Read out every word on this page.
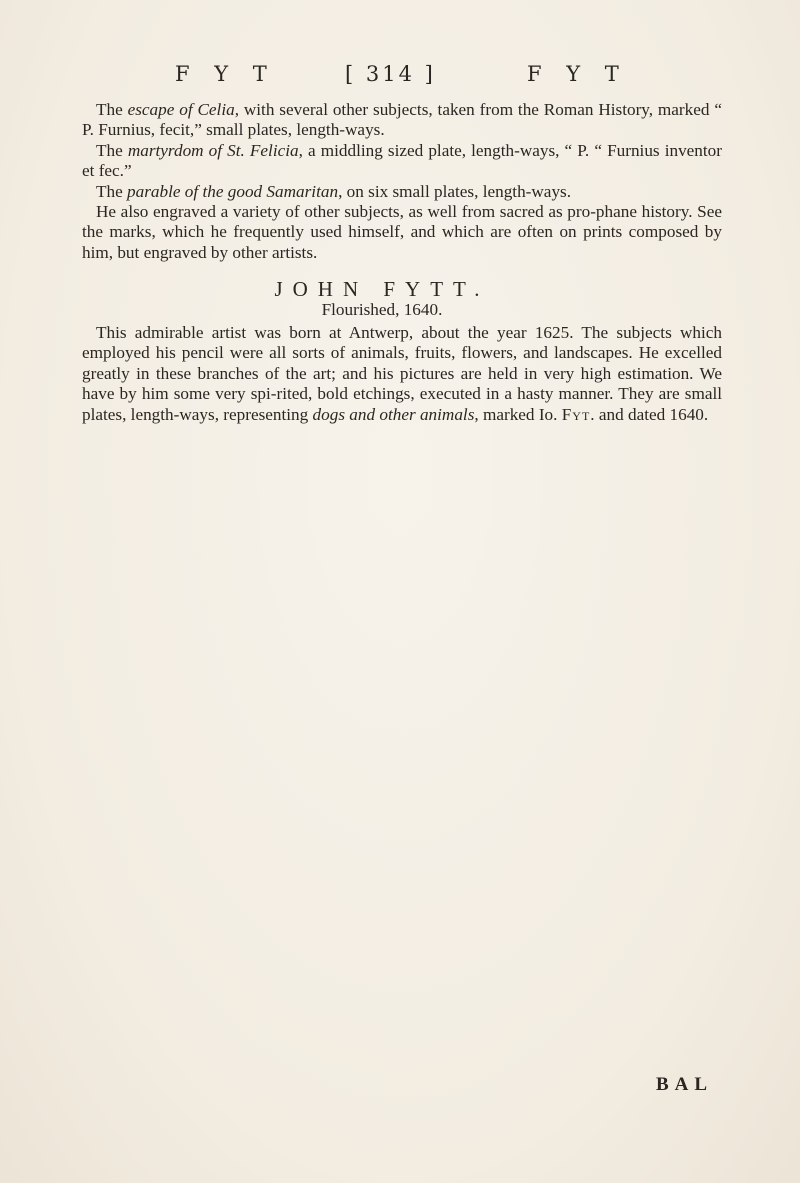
F Y T	[ 314 ]	F Y T

The escape of Celia, with several other subjects, taken from the Roman History, marked “ P. Furnius, fecit,” small plates, length-ways.

The martyrdom of St. Felicia, a middling sized plate, length-ways, “ P. “ Furnius inventor et fec.”

The parable of the good Samaritan, on six small plates, length-ways.

He also engraved a variety of other subjects, as well from sacred as pro-phane history. See the marks, which he frequently used himself, and which are often on prints composed by him, but engraved by other artists.

JOHN FYTT.
Flourished, 1640.

This admirable artist was born at Antwerp, about the year 1625. The subjects which employed his pencil were all sorts of animals, fruits, flowers, and landscapes. He excelled greatly in these branches of the art; and his pictures are held in very high estimation. We have by him some very spi-rited, bold etchings, executed in a hasty manner. They are small plates, length-ways, representing dogs and other animals, marked Io. Fyt. and dated 1640.

BAL
